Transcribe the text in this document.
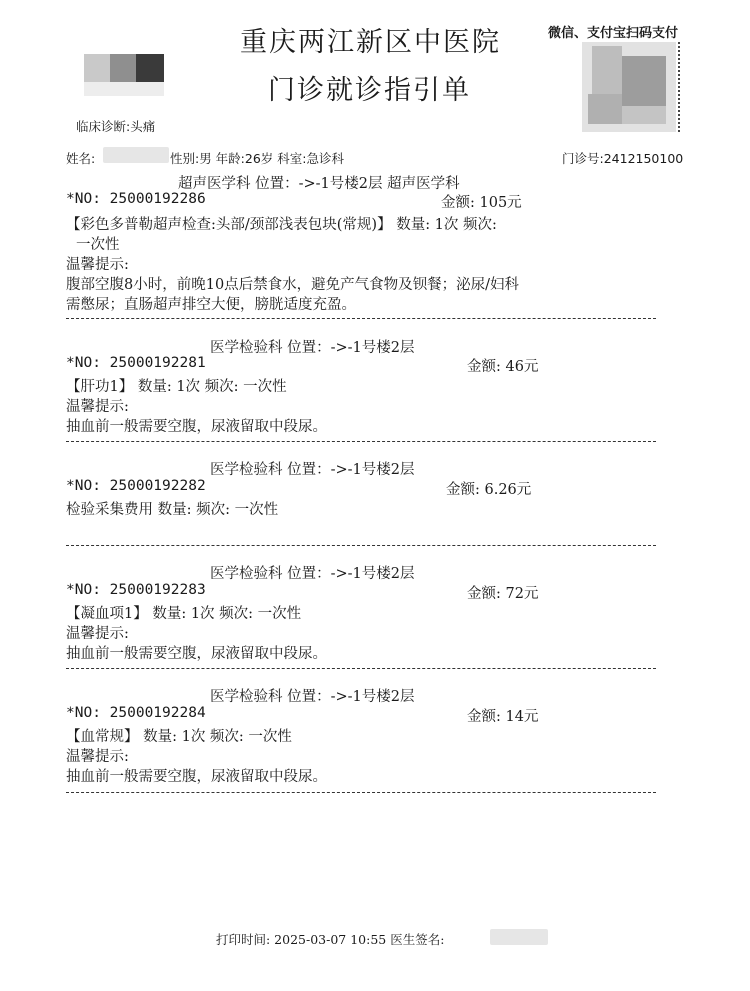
临床诊断:头痛
重庆两江新区中医院
门诊就诊指引单
微信、支付宝扫码支付
姓名:	性别:男 年龄:26岁 科室:急诊科	门诊号:2412150100
超声医学科 位置：->-1号楼2层 超声医学科
*NO: 25000192286	金额: 105元
【彩色多普勒超声检查:头部/颈部浅表包块(常规)】 数量: 1次 频次:
一次性
温馨提示:
腹部空腹8小时，前晚10点后禁食水，避免产气食物及钡餐；泌尿/妇科
需憋尿；直肠超声排空大便，膀胱适度充盈。
医学检验科 位置：->-1号楼2层
*NO: 25000192281	金额: 46元
【肝功1】 数量: 1次 频次: 一次性
温馨提示:
抽血前一般需要空腹，尿液留取中段尿。
医学检验科 位置：->-1号楼2层
*NO: 25000192282	金额: 6.26元
检验采集费用 数量: 频次: 一次性
医学检验科 位置：->-1号楼2层
*NO: 25000192283	金额: 72元
【凝血项1】 数量: 1次 频次: 一次性
温馨提示:
抽血前一般需要空腹，尿液留取中段尿。
医学检验科 位置：->-1号楼2层
*NO: 25000192284	金额: 14元
【血常规】 数量: 1次 频次: 一次性
温馨提示:
抽血前一般需要空腹，尿液留取中段尿。
打印时间: 2025-03-07 10:55 医生签名:
